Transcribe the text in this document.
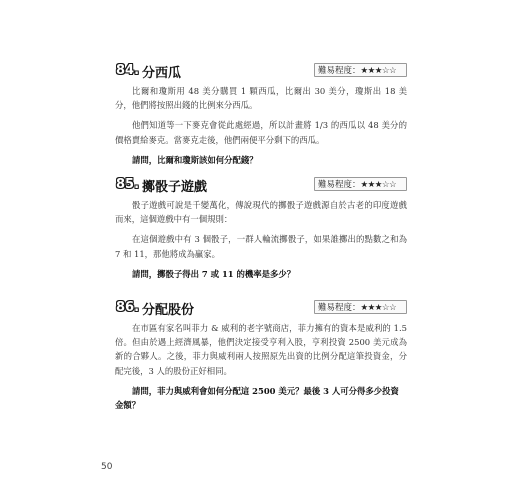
84. 分西瓜	難易程度：★★★☆☆

比爾和瓊斯用 48 美分購買 1 顆西瓜，比爾出 30 美分，瓊斯出 18 美分，他們將按照出錢的比例來分西瓜。

他們知道等一下麥克會從此處經過，所以計畫將 1/3 的西瓜以 48 美分的價格賣給麥克。當麥克走後，他們兩便平分剩下的西瓜。

請問，比爾和瓊斯該如何分配錢？

85. 擲骰子遊戲	難易程度：★★★☆☆

骰子遊戲可說是千變萬化，傳說現代的擲骰子遊戲源自於古老的印度遊戲而來，這個遊戲中有一個規則：

在這個遊戲中有 3 個骰子，一群人輪流擲骰子，如果誰擲出的點數之和為 7 和 11，那他將成為贏家。

請問，擲骰子得出 7 或 11 的機率是多少？

86. 分配股份	難易程度：★★★☆☆

在市區有家名叫菲力 & 威利的老字號商店，菲力擁有的資本是威利的 1.5 倍。但由於遇上經濟風暴，他們決定接受亨利入股，亨利投資 2500 美元成為新的合夥人。之後，菲力與威利兩人按照原先出資的比例分配這筆投資金，分配完後，3 人的股份正好相同。

請問，菲力與威利會如何分配這 2500 美元？最後 3 人可分得多少投資金額？

50
